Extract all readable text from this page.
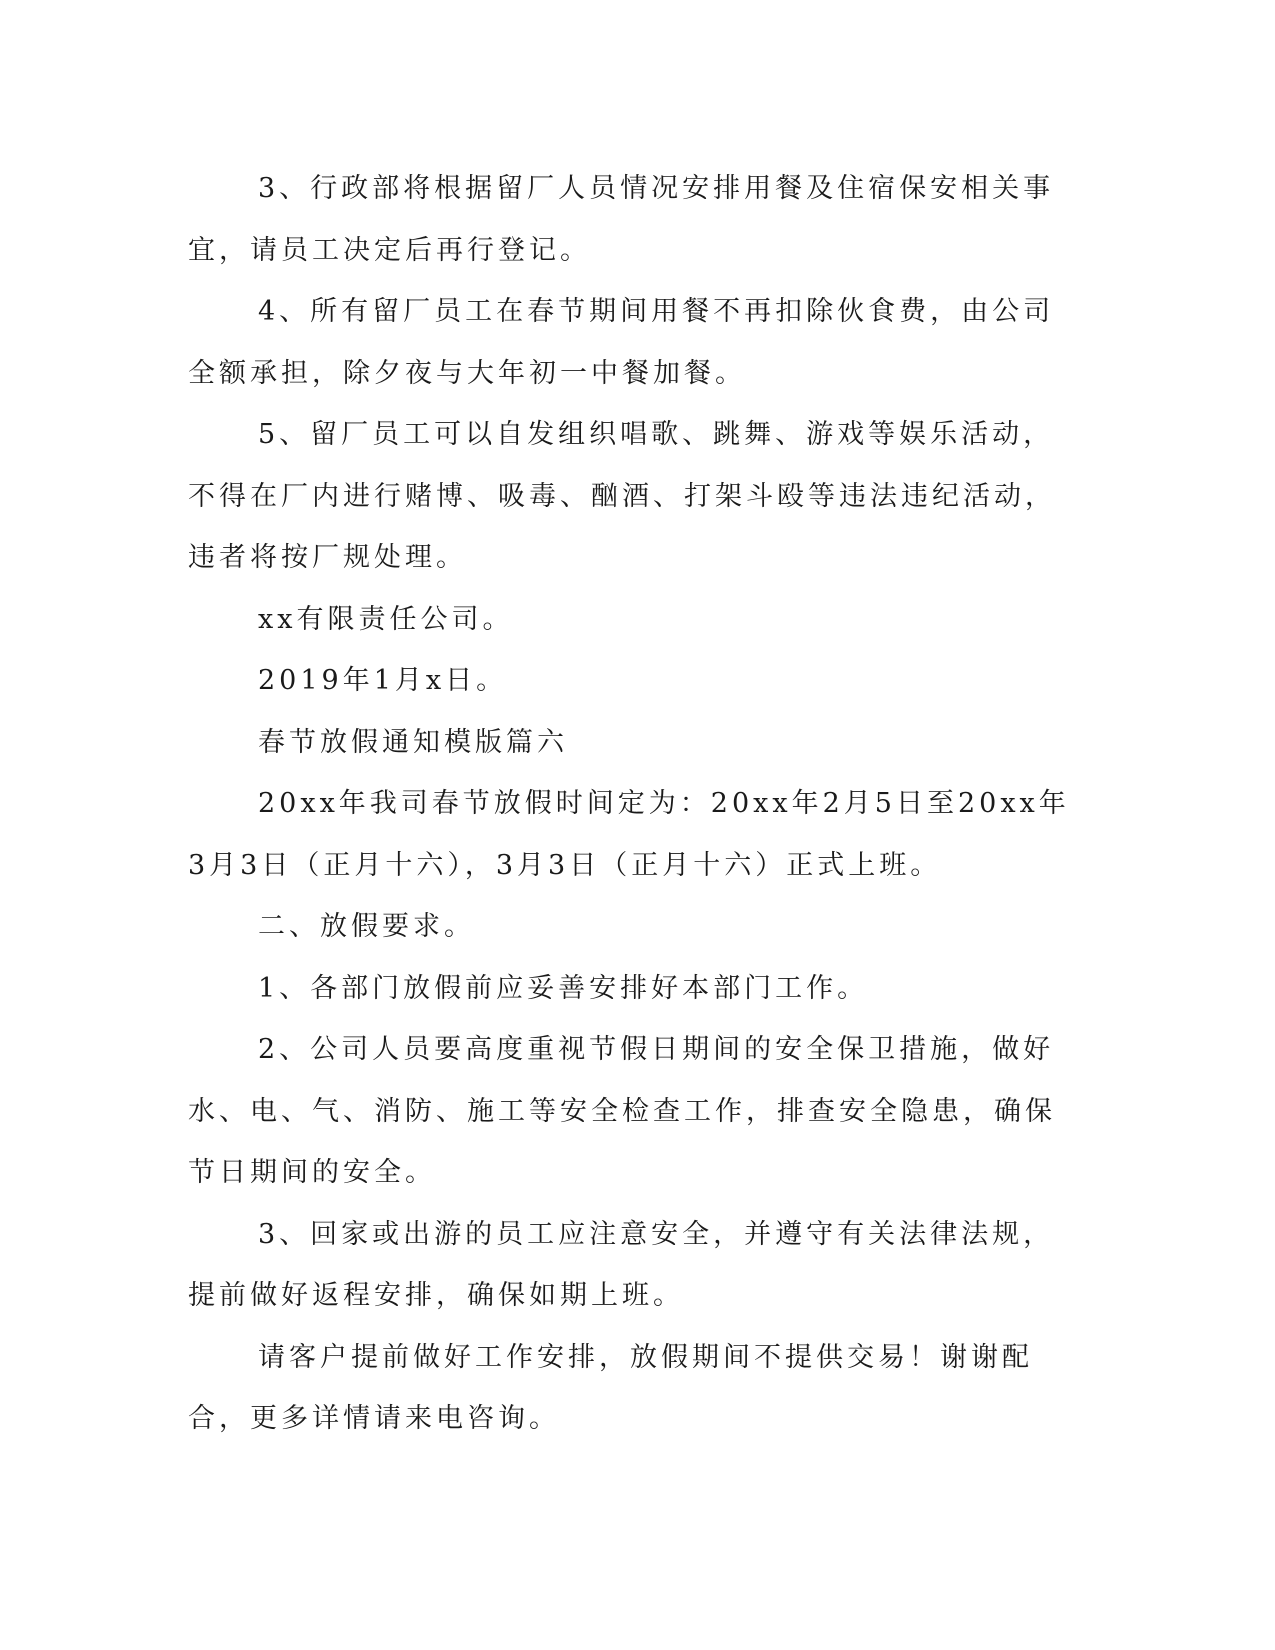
3、行政部将根据留厂人员情况安排用餐及住宿保安相关事宜，请员工决定后再行登记。

4、所有留厂员工在春节期间用餐不再扣除伙食费，由公司全额承担，除夕夜与大年初一中餐加餐。

5、留厂员工可以自发组织唱歌、跳舞、游戏等娱乐活动，不得在厂内进行赌博、吸毒、酗酒、打架斗殴等违法违纪活动，违者将按厂规处理。

xx有限责任公司。

2019年1月x日。

春节放假通知模版篇六

20xx年我司春节放假时间定为：20xx年2月5日至20xx年3月3日（正月十六），3月3日（正月十六）正式上班。

二、放假要求。

1、各部门放假前应妥善安排好本部门工作。

2、公司人员要高度重视节假日期间的安全保卫措施，做好水、电、气、消防、施工等安全检查工作，排查安全隐患，确保节日期间的安全。

3、回家或出游的员工应注意安全，并遵守有关法律法规，提前做好返程安排，确保如期上班。

请客户提前做好工作安排，放假期间不提供交易！谢谢配合，更多详情请来电咨询。
